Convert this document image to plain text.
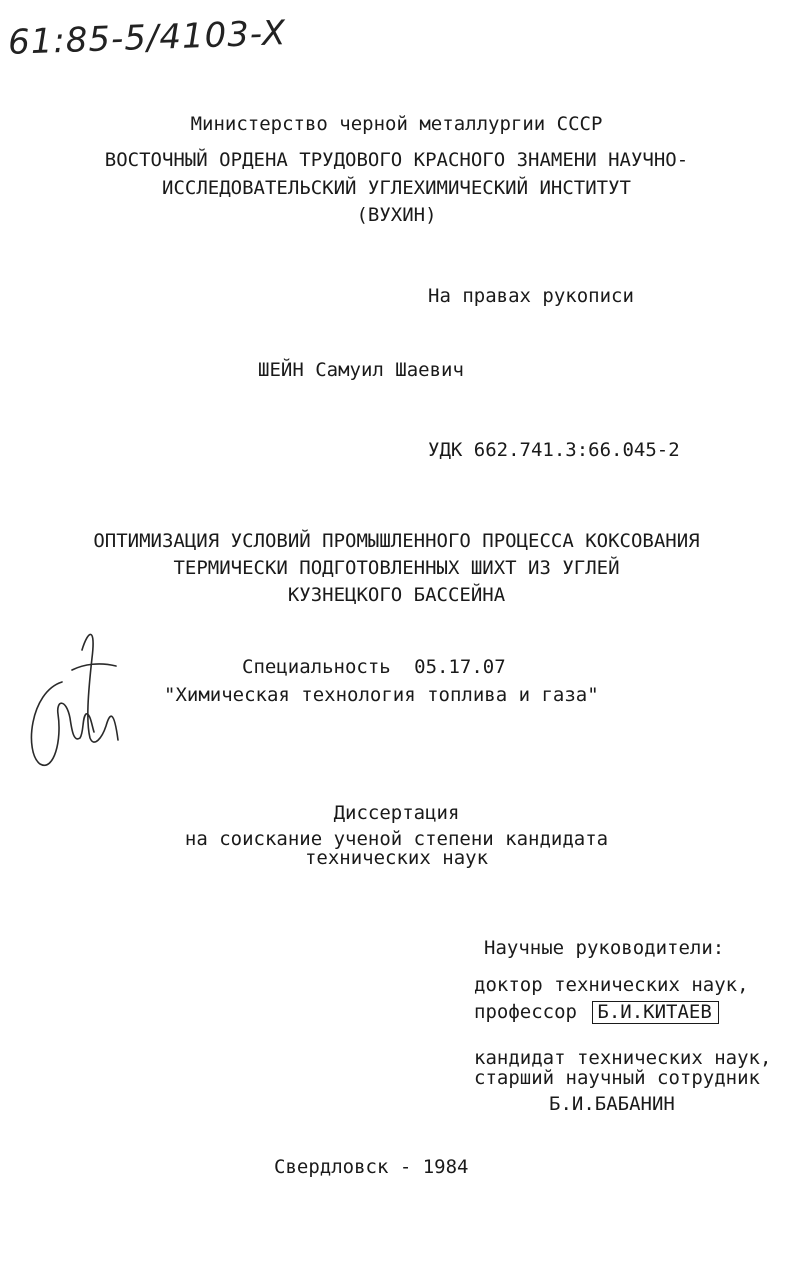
61:85-5/4103-X
Министерство черной металлургии СССР
ВОСТОЧНЫЙ ОРДЕНА ТРУДОВОГО КРАСНОГО ЗНАМЕНИ НАУЧНО-
ИССЛЕДОВАТЕЛЬСКИЙ УГЛЕХИМИЧЕСКИЙ ИНСТИТУТ
(ВУХИН)
На правах рукописи
ШЕЙН Самуил Шаевич
УДК 662.741.3:66.045-2
ОПТИМИЗАЦИЯ УСЛОВИЙ ПРОМЫШЛЕННОГО ПРОЦЕССА КОКСОВАНИЯ
ТЕРМИЧЕСКИ ПОДГОТОВЛЕННЫХ ШИХТ ИЗ УГЛЕЙ
КУЗНЕЦКОГО БАССЕЙНА
Специальность 05.17.07
"Химическая технология топлива и газа"
Диссертация
на соискание ученой степени кандидата
технических наук
Научные руководители:
доктор технических наук,
профессор Б.И.КИТАЕВ
кандидат технических наук,
старший научный сотрудник
Б.И.БАБАНИН
Свердловск - 1984
